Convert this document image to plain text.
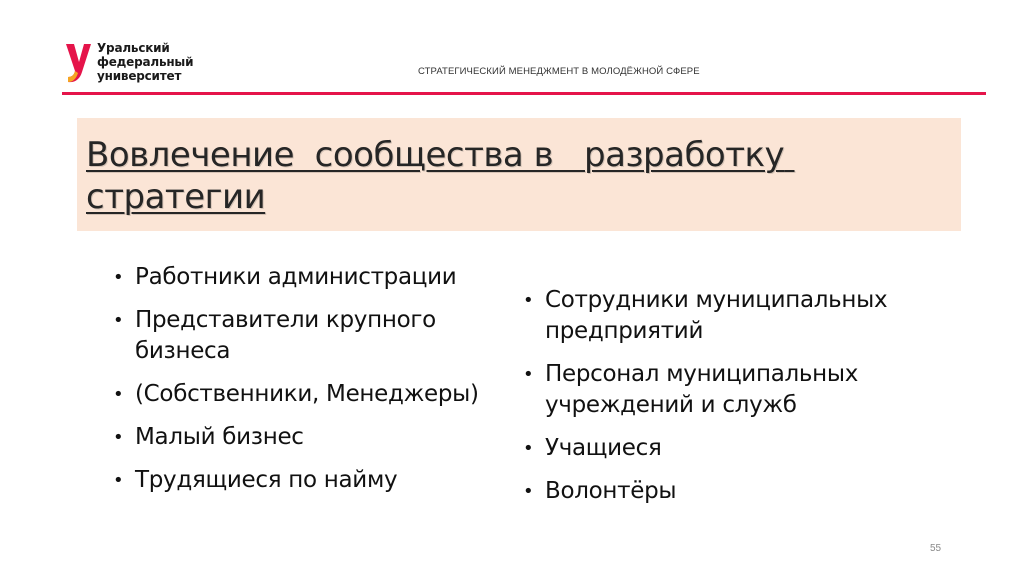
Уральский
федеральный
университет	СТРАТЕГИЧЕСКИЙ МЕНЕДЖМЕНТ В МОЛОДЁЖНОЙ СФЕРЕ
Вовлечение  сообщества в   разработку стратегии
• Работники администрации
• Представители крупного бизнеса
• (Собственники, Менеджеры)
• Малый бизнес
• Трудящиеся по найму
• Сотрудники муниципальных предприятий
• Персонал муниципальных учреждений и служб
• Учащиеся
• Волонтёры
55
